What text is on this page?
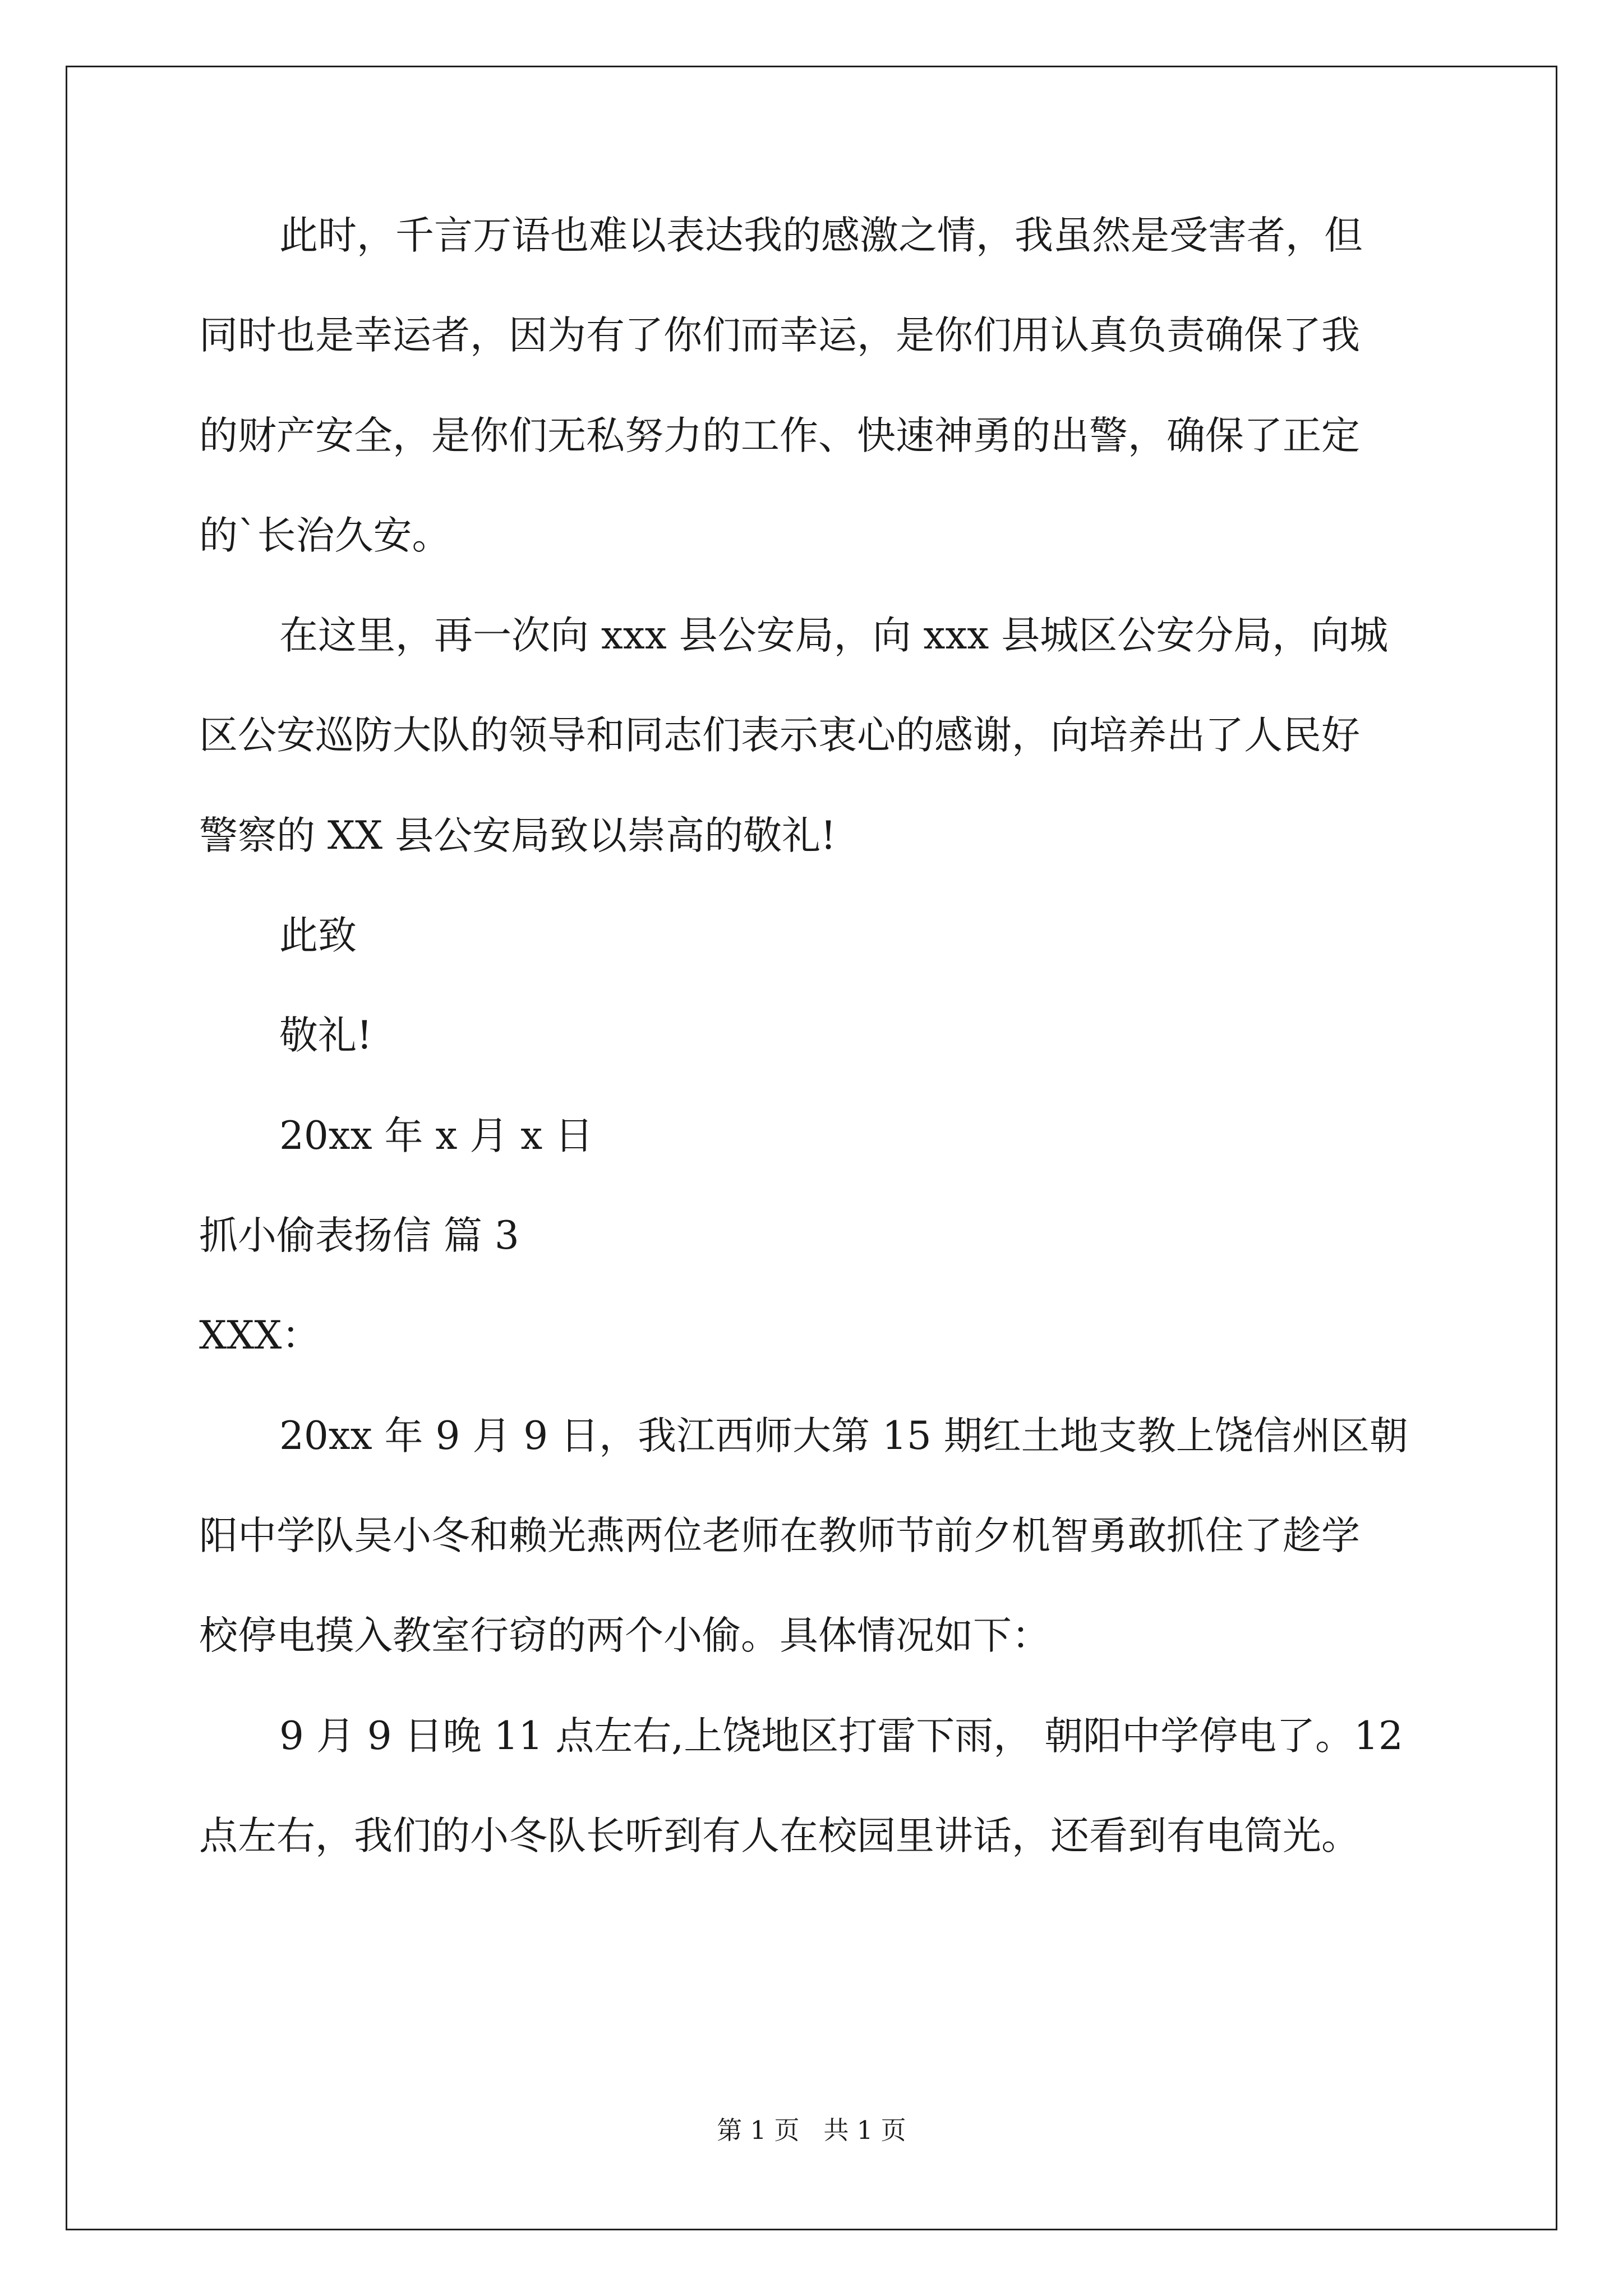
此时，千言万语也难以表达我的感激之情，我虽然是受害者，但
同时也是幸运者，因为有了你们而幸运，是你们用认真负责确保了我
的财产安全，是你们无私努力的工作、快速神勇的出警，确保了正定
的`长治久安。
在这里，再一次向 xxx 县公安局，向 xxx 县城区公安分局，向城
区公安巡防大队的领导和同志们表示衷心的感谢，向培养出了人民好
警察的 XX 县公安局致以崇高的敬礼!
此致
敬礼!
20xx 年 x 月 x 日
抓小偷表扬信 篇 3
XXX：
20xx 年 9 月 9 日，我江西师大第 15 期红土地支教上饶信州区朝
阳中学队吴小冬和赖光燕两位老师在教师节前夕机智勇敢抓住了趁学
校停电摸入教室行窃的两个小偷。具体情况如下：
9 月 9 日晚 11 点左右,上饶地区打雷下雨， 朝阳中学停电了。12
点左右，我们的小冬队长听到有人在校园里讲话，还看到有电筒光。
第 1 页   共 1 页
